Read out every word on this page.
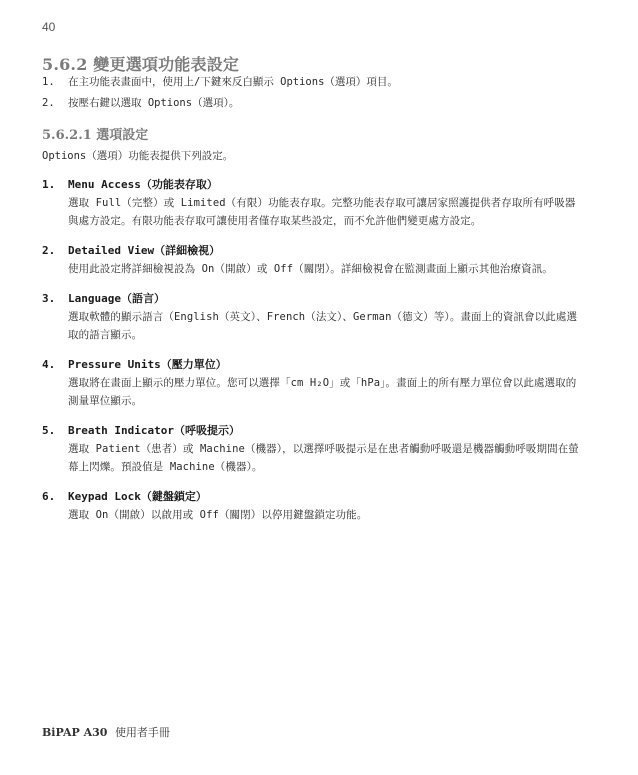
40
5.6.2 變更選項功能表設定
1.	在主功能表畫面中，使用上/下鍵來反白顯示 Options（選項）項目。
2.	按壓右鍵以選取 Options（選項）。
5.6.2.1 選項設定
Options（選項）功能表提供下列設定。
1.	Menu Access（功能表存取）
選取 Full（完整）或 Limited（有限）功能表存取。完整功能表存取可讓居家照護提供者存取所有呼吸器與處方設定。有限功能表存取可讓使用者僅存取某些設定，而不允許他們變更處方設定。
2.	Detailed View（詳細檢視）
使用此設定將詳細檢視設為 On（開啟）或 Off（關閉）。詳細檢視會在監測畫面上顯示其他治療資訊。
3.	Language（語言）
選取軟體的顯示語言（English（英文）、French（法文）、German（德文）等）。畫面上的資訊會以此處選取的語言顯示。
4.	Pressure Units（壓力單位）
選取將在畫面上顯示的壓力單位。您可以選擇「cm H₂O」或「hPa」。畫面上的所有壓力單位會以此處選取的測量單位顯示。
5.	Breath Indicator（呼吸提示）
選取 Patient（患者）或 Machine（機器），以選擇呼吸提示是在患者觸動呼吸還是機器觸動呼吸期間在螢幕上閃爍。預設值是 Machine（機器）。
6.	Keypad Lock（鍵盤鎖定）
選取 On（開啟）以啟用或 Off（關閉）以停用鍵盤鎖定功能。
BiPAP A30 使用者手冊
